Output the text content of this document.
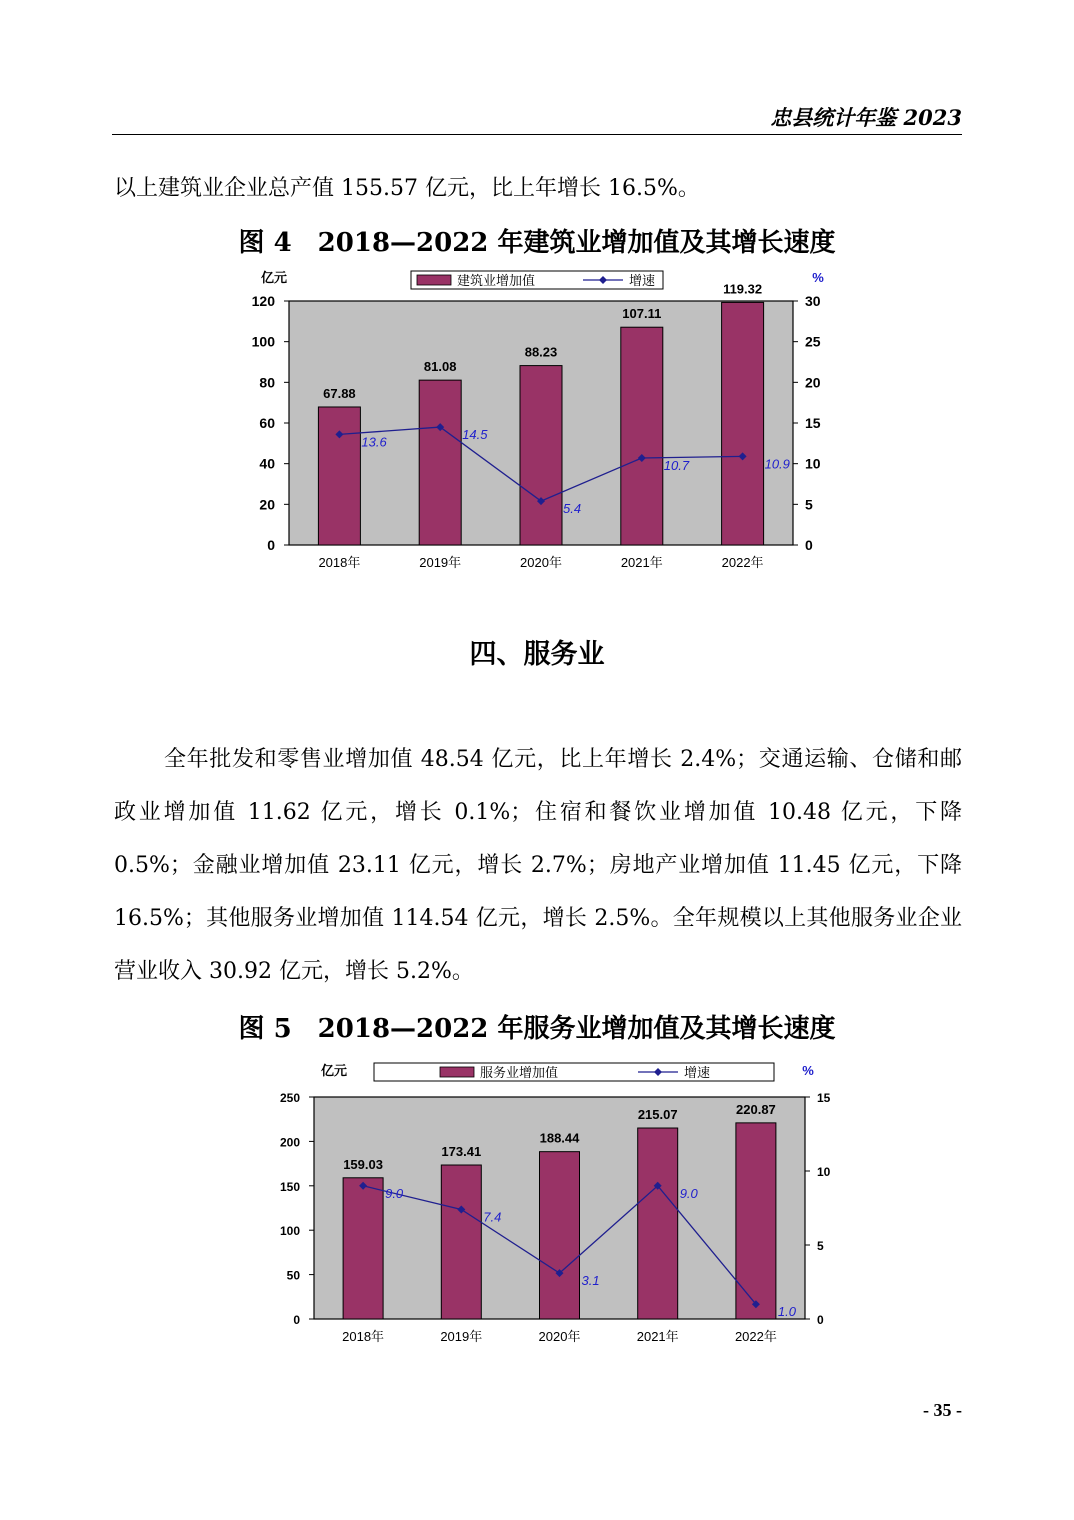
忠县统计年鉴 2023

以上建筑业企业总产值 155.57 亿元，比上年增长 16.5%。

图 4　2018—2022 年建筑业增加值及其增长速度
建筑业增加值	增速
亿元	%
0
20
40
60
80
100
120
0
5
10
15
20
25
30
67.88
2018年
81.08
2019年
88.23
2020年
107.11
2021年
119.32
2022年
13.6	14.5
5.4
10.7	10.9
四、服务业

全年批发和零售业增加值 48.54 亿元，比上年增长 2.4%；交通运输、仓储和邮政业增加值 11.62 亿元，增长 0.1%；住宿和餐饮业增加值 10.48 亿元，下降 0.5%；金融业增加值 23.11 亿元，增长 2.7%；房地产业增加值 11.45 亿元，下降 16.5%；其他服务业增加值 114.54 亿元，增长 2.5%。全年规模以上其他服务业企业营业收入 30.92 亿元，增长 5.2%。

图 5　2018—2022 年服务业增加值及其增长速度
服务业增加值	增速
亿元	%
0
50
100
150
200
250
0
5
10
15
159.03
2018年
173.41
2019年
188.44
2020年
215.07
2021年
220.87
2022年
9.0
7.4
3.1
9.0
1.0
- 35 -
